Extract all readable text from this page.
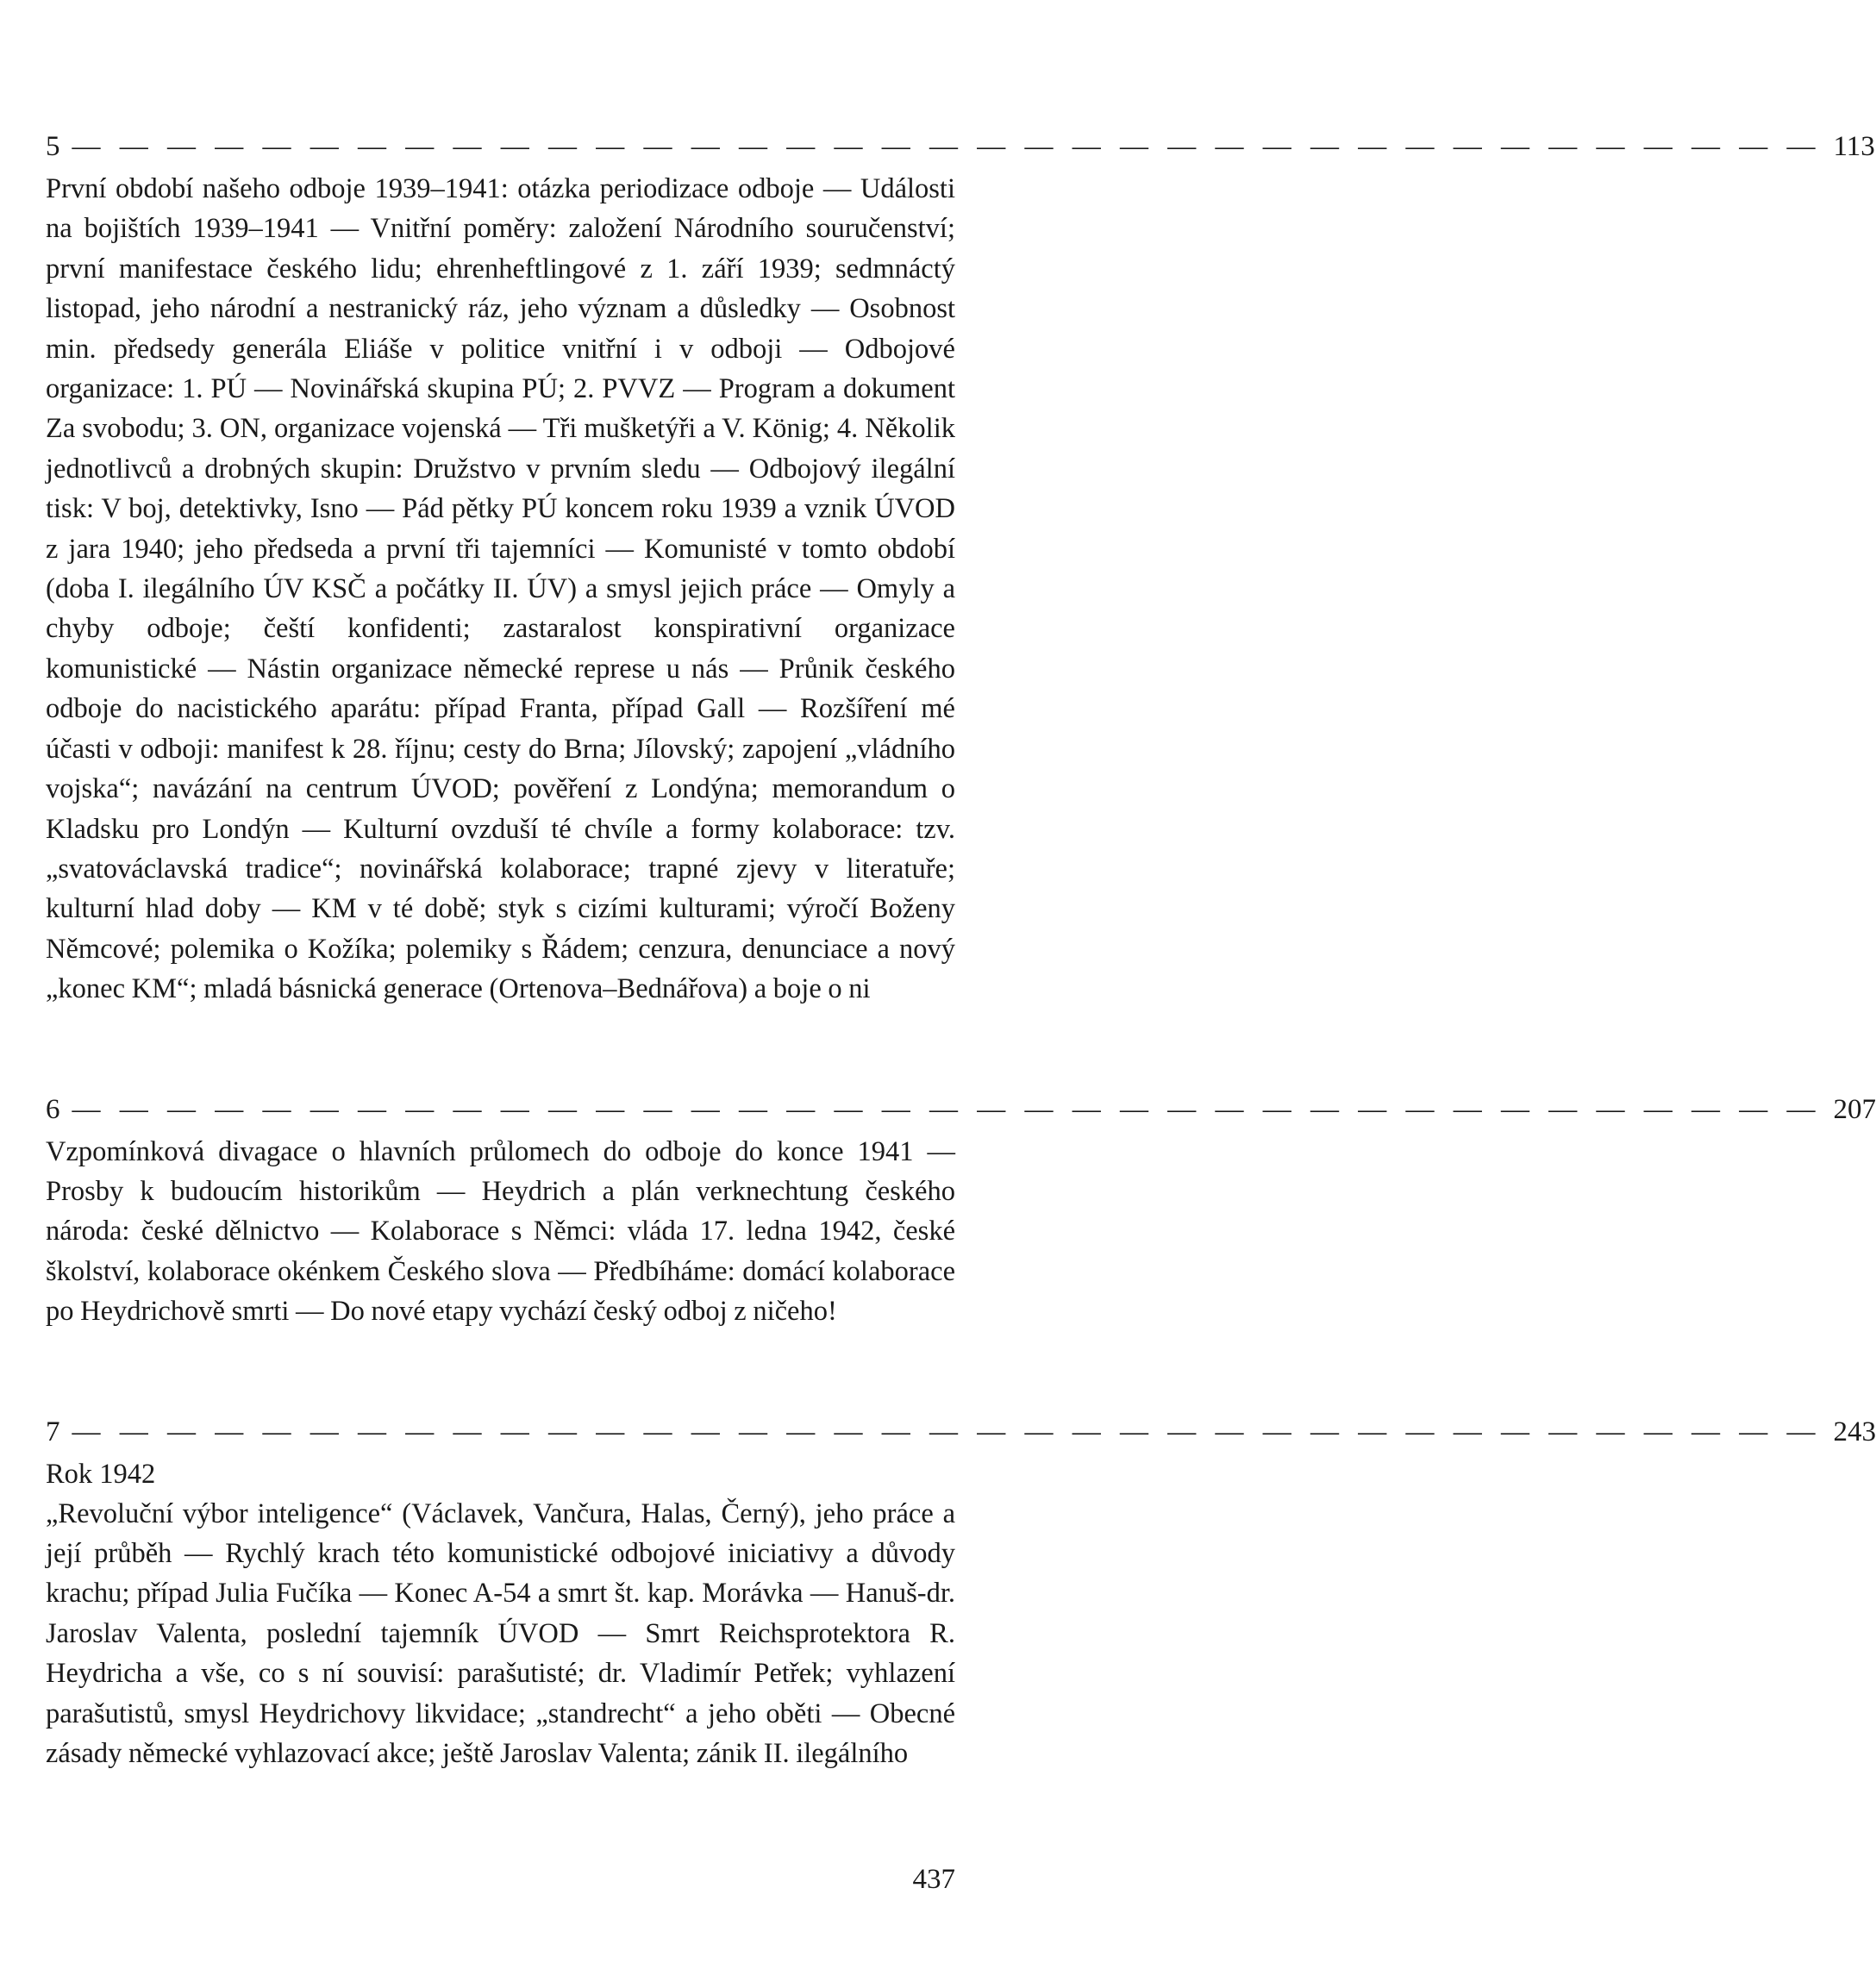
5 — — — — — — — — — — — — — — — — — — — — — — — — — — — — — — — — — — — — — 113

První období našeho odboje 1939–1941: otázka periodizace odboje — Události na bojištích 1939–1941 — Vnitřní poměry: založení Národního souručenství; první manifestace českého lidu; ehrenheftlingové z 1. září 1939; sedmnáctý listopad, jeho národní a nestranický ráz, jeho význam a důsledky — Osobnost min. předsedy generála Eliáše v politice vnitřní i v odboji — Odbojové organizace: 1. PÚ — Novinářská skupina PÚ; 2. PVVZ — Program a dokument Za svobodu; 3. ON, organizace vojenská — Tři mušketýři a V. König; 4. Několik jednotlivců a drobných skupin: Družstvo v prvním sledu — Odbojový ilegální tisk: V boj, detektivky, Isno — Pád pětky PÚ koncem roku 1939 a vznik ÚVOD z jara 1940; jeho předseda a první tři tajemníci — Komunisté v tomto období (doba I. ilegálního ÚV KSČ a počátky II. ÚV) a smysl jejich práce — Omyly a chyby odboje; čeští konfidenti; zastaralost konspirativní organizace komunistické — Nástin organizace německé represe u nás — Průnik českého odboje do nacistického aparátu: případ Franta, případ Gall — Rozšíření mé účasti v odboji: manifest k 28. říjnu; cesty do Brna; Jílovský; zapojení „vládního vojska“; navázání na centrum ÚVOD; pověření z Londýna; memorandum o Kladsku pro Londýn — Kulturní ovzduší té chvíle a formy kolaborace: tzv. „svatováclavská tradice“; novinářská kolaborace; trapné zjevy v literatuře; kulturní hlad doby — KM v té době; styk s cizími kulturami; výročí Boženy Němcové; polemika o Kožíka; polemiky s Řádem; cenzura, denunciace a nový „konec KM“; mladá básnická generace (Ortenova–Bednářova) a boje o ni

6 — — — — — — — — — — — — — — — — — — — — — — — — — — — — — — — — — — — — — 207

Vzpomínková divagace o hlavních průlomech do odboje do konce 1941 — Prosby k budoucím historikům — Heydrich a plán verknechtung českého národa: české dělnictvo — Kolaborace s Němci: vláda 17. ledna 1942, české školství, kolaborace okénkem Českého slova — Předbíháme: domácí kolaborace po Heydrichově smrti — Do nové etapy vychází český odboj z ničeho!

7 — — — — — — — — — — — — — — — — — — — — — — — — — — — — — — — — — — — — — 243
Rok 1942

„Revoluční výbor inteligence“ (Václavek, Vančura, Halas, Černý), jeho práce a její průběh — Rychlý krach této komunistické odbojové iniciativy a důvody krachu; případ Julia Fučíka — Konec A-54 a smrt št. kap. Morávka — Hanuš-dr. Jaroslav Valenta, poslední tajemník ÚVOD — Smrt Reichsprotektora R. Heydricha a vše, co s ní souvisí: parašutisté; dr. Vladimír Petřek; vyhlazení parašutistů, smysl Heydrichovy likvidace; „standrecht“ a jeho oběti — Obecné zásady německé vyhlazovací akce; ještě Jaroslav Valenta; zánik II. ilegálního

437
